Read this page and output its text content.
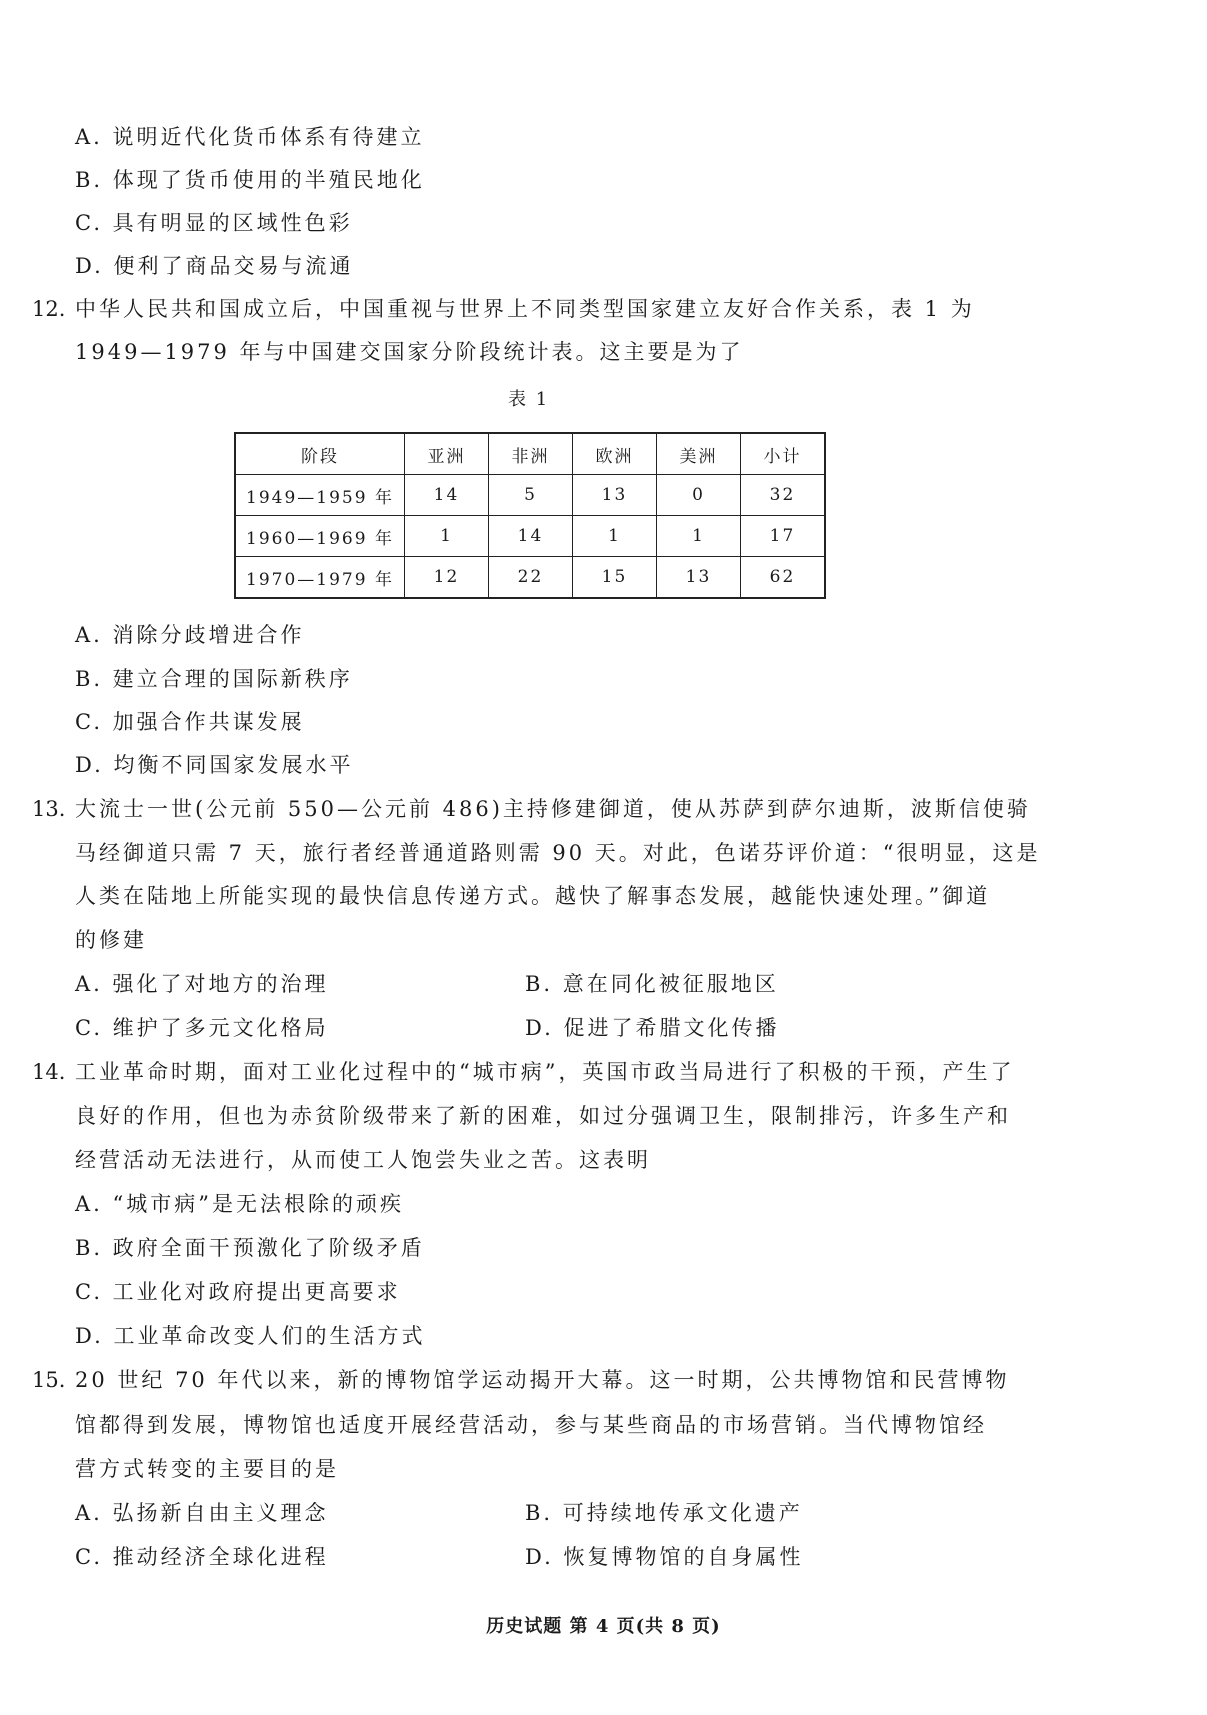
A. 说明近代化货币体系有待建立
B. 体现了货币使用的半殖民地化
C. 具有明显的区域性色彩
D. 便利了商品交易与流通
12. 中华人民共和国成立后，中国重视与世界上不同类型国家建立友好合作关系，表 1 为
1949—1979 年与中国建交国家分阶段统计表。这主要是为了
表 1
阶段	亚洲	非洲	欧洲	美洲	小计
1949—1959 年	14	5	13	0	32
1960—1969 年	1	14	1	1	17
1970—1979 年	12	22	15	13	62
A. 消除分歧增进合作
B. 建立合理的国际新秩序
C. 加强合作共谋发展
D. 均衡不同国家发展水平
13. 大流士一世(公元前 550—公元前 486)主持修建御道，使从苏萨到萨尔迪斯，波斯信使骑
马经御道只需 7 天，旅行者经普通道路则需 90 天。对此，色诺芬评价道：“很明显，这是
人类在陆地上所能实现的最快信息传递方式。越快了解事态发展，越能快速处理。”御道
的修建
A. 强化了对地方的治理	B. 意在同化被征服地区
C. 维护了多元文化格局	D. 促进了希腊文化传播
14. 工业革命时期，面对工业化过程中的“城市病”，英国市政当局进行了积极的干预，产生了
良好的作用，但也为赤贫阶级带来了新的困难，如过分强调卫生，限制排污，许多生产和
经营活动无法进行，从而使工人饱尝失业之苦。这表明
A. “城市病”是无法根除的顽疾
B. 政府全面干预激化了阶级矛盾
C. 工业化对政府提出更高要求
D. 工业革命改变人们的生活方式
15. 20 世纪 70 年代以来，新的博物馆学运动揭开大幕。这一时期，公共博物馆和民营博物
馆都得到发展，博物馆也适度开展经营活动，参与某些商品的市场营销。当代博物馆经
营方式转变的主要目的是
A. 弘扬新自由主义理念	B. 可持续地传承文化遗产
C. 推动经济全球化进程	D. 恢复博物馆的自身属性
历史试题 第 4 页(共 8 页)
